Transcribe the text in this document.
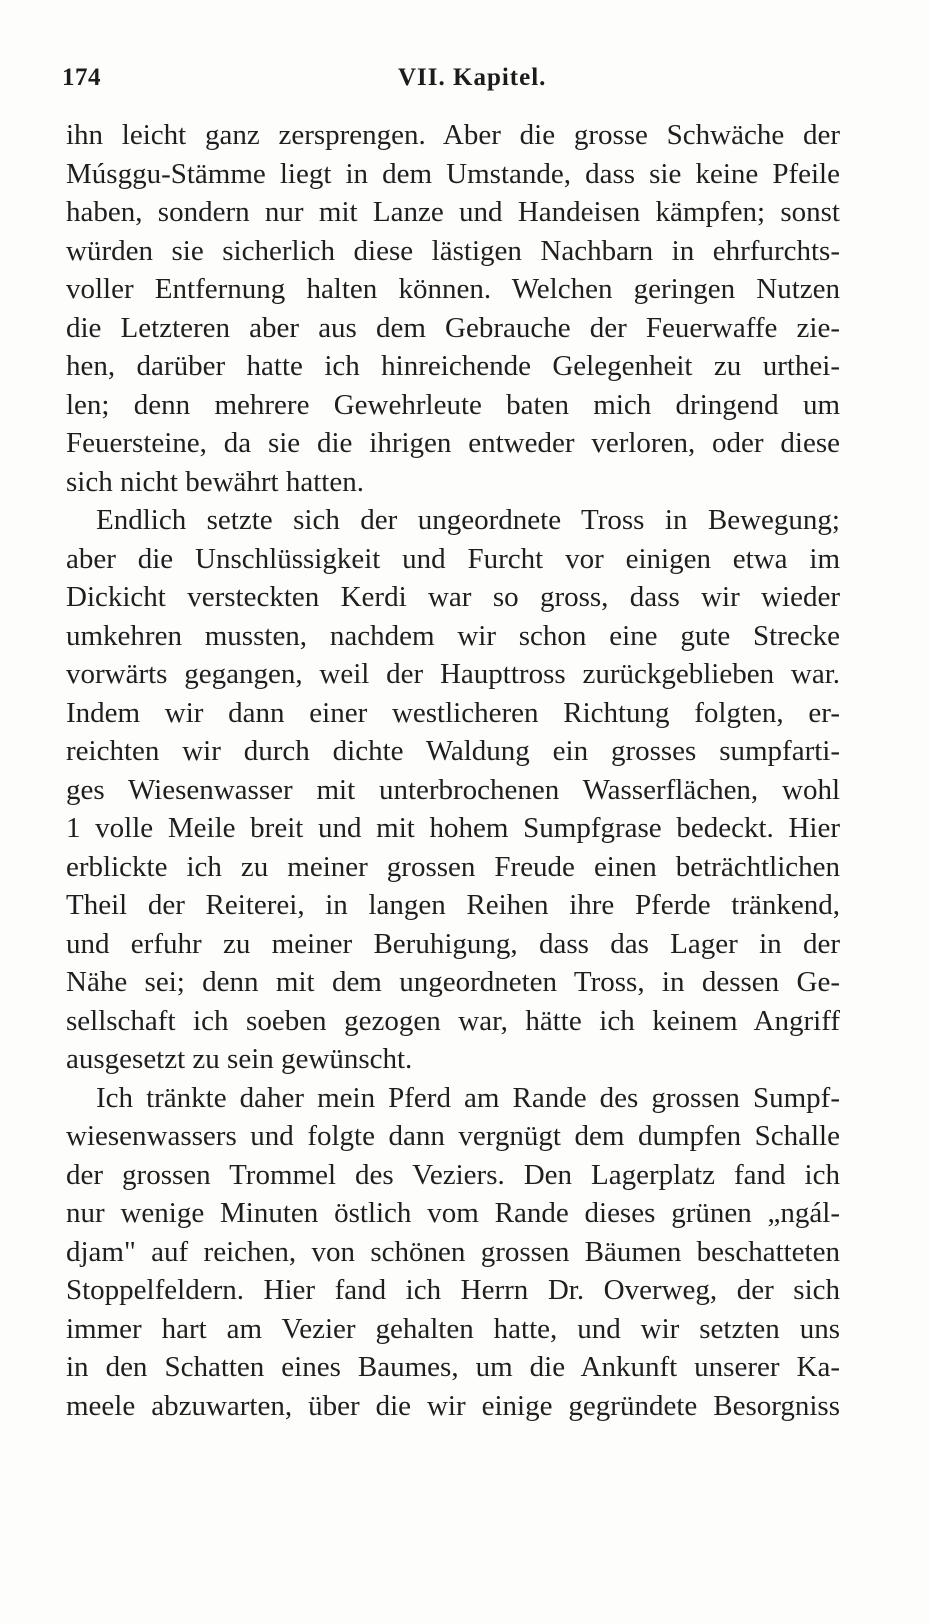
174	VII. Kapitel.
ihn leicht ganz zersprengen. Aber die grosse Schwäche der
Músggu-Stämme liegt in dem Umstande, dass sie keine Pfeile
haben, sondern nur mit Lanze und Handeisen kämpfen; sonst
würden sie sicherlich diese lästigen Nachbarn in ehrfurchts-
voller Entfernung halten können. Welchen geringen Nutzen
die Letzteren aber aus dem Gebrauche der Feuerwaffe zie-
hen, darüber hatte ich hinreichende Gelegenheit zu urthei-
len; denn mehrere Gewehrleute baten mich dringend um
Feuersteine, da sie die ihrigen entweder verloren, oder diese
sich nicht bewährt hatten.
Endlich setzte sich der ungeordnete Tross in Bewegung;
aber die Unschlüssigkeit und Furcht vor einigen etwa im
Dickicht versteckten Kerdi war so gross, dass wir wieder
umkehren mussten, nachdem wir schon eine gute Strecke
vorwärts gegangen, weil der Haupttross zurückgeblieben war.
Indem wir dann einer westlicheren Richtung folgten, er-
reichten wir durch dichte Waldung ein grosses sumpfarti-
ges Wiesenwasser mit unterbrochenen Wasserflächen, wohl
1 volle Meile breit und mit hohem Sumpfgrase bedeckt. Hier
erblickte ich zu meiner grossen Freude einen beträchtlichen
Theil der Reiterei, in langen Reihen ihre Pferde tränkend,
und erfuhr zu meiner Beruhigung, dass das Lager in der
Nähe sei; denn mit dem ungeordneten Tross, in dessen Ge-
sellschaft ich soeben gezogen war, hätte ich keinem Angriff
ausgesetzt zu sein gewünscht.
Ich tränkte daher mein Pferd am Rande des grossen Sumpf-
wiesenwassers und folgte dann vergnügt dem dumpfen Schalle
der grossen Trommel des Veziers. Den Lagerplatz fand ich
nur wenige Minuten östlich vom Rande dieses grünen „ngál-
djam" auf reichen, von schönen grossen Bäumen beschatteten
Stoppelfeldern. Hier fand ich Herrn Dr. Overweg, der sich
immer hart am Vezier gehalten hatte, und wir setzten uns
in den Schatten eines Baumes, um die Ankunft unserer Ka-
meele abzuwarten, über die wir einige gegründete Besorgniss
